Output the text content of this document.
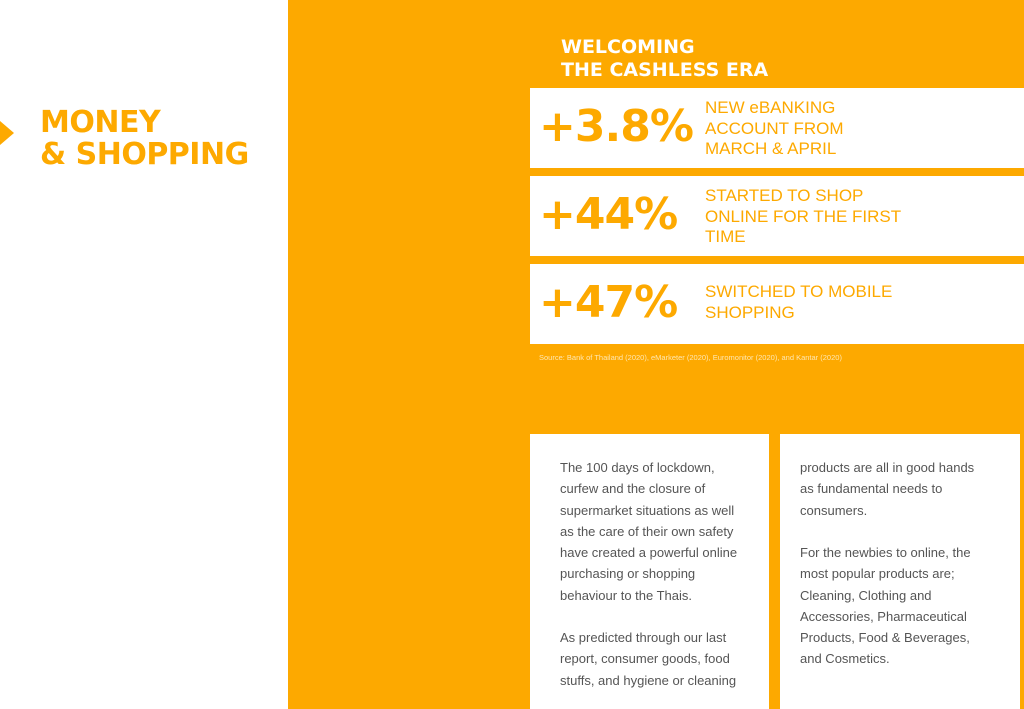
MONEY
& SHOPPING
WELCOMING
THE CASHLESS ERA
+3.8% NEW eBANKING
ACCOUNT FROM
MARCH & APRIL
+44% STARTED TO SHOP
ONLINE FOR THE FIRST
TIME
+47% SWITCHED TO MOBILE
SHOPPING
Source: Bank of Thailand (2020), eMarketer (2020), Euromonitor (2020), and Kantar (2020)

The 100 days of lockdown,
curfew and the closure of
supermarket situations as well
as the care of their own safety
have created a powerful online
purchasing or shopping
behaviour to the Thais.

As predicted through our last
report, consumer goods, food
stuffs, and hygiene or cleaning

products are all in good hands
as fundamental needs to
consumers.

For the newbies to online, the
most popular products are;
Cleaning, Clothing and
Accessories, Pharmaceutical
Products, Food & Beverages,
and Cosmetics.
